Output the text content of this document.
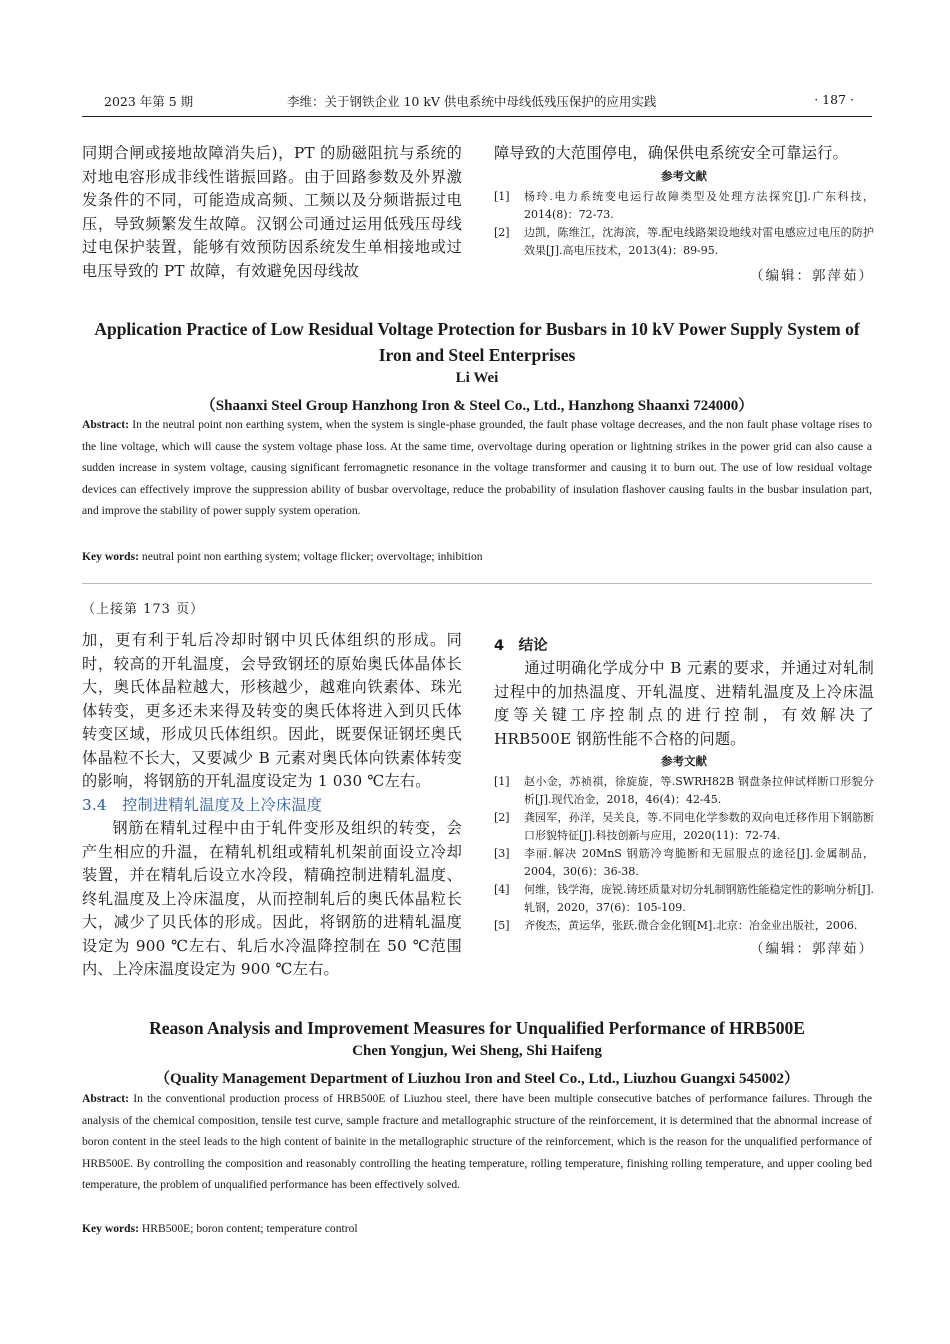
2023 年第 5 期	李维：关于钢铁企业 10 kV 供电系统中母线低残压保护的应用实践	· 187 ·

同期合闸或接地故障消失后)，PT 的励磁阻抗与系统的对地电容形成非线性谐振回路。由于回路参数及外界激发条件的不同，可能造成高频、工频以及分频谐振过电压，导致频繁发生故障。汉钢公司通过运用低残压母线过电保护装置，能够有效预防因系统发生单相接地或过电压导致的 PT 故障，有效避免因母线故

障导致的大范围停电，确保供电系统安全可靠运行。

参考文献
[1]	杨玲.电力系统变电运行故障类型及处理方法探究[J].广东科技，2014(8)：72-73.
[2]	边凯，陈维江，沈海滨，等.配电线路架设地线对雷电感应过电压的防护效果[J].高电压技术，2013(4)：89-95.
（编辑：郭萍茹）
Application Practice of Low Residual Voltage Protection for Busbars in 10 kV Power Supply System of Iron and Steel Enterprises
Li Wei
（Shaanxi Steel Group Hanzhong Iron & Steel Co., Ltd., Hanzhong Shaanxi 724000）
Abstract: In the neutral point non earthing system, when the system is single-phase grounded, the fault phase voltage decreases, and the non fault phase voltage rises to the line voltage, which will cause the system voltage phase loss. At the same time, overvoltage during operation or lightning strikes in the power grid can also cause a sudden increase in system voltage, causing significant ferromagnetic resonance in the voltage transformer and causing it to burn out. The use of low residual voltage devices can effectively improve the suppression ability of busbar overvoltage, reduce the probability of insulation flashover causing faults in the busbar insulation part, and improve the stability of power supply system operation.
Key words: neutral point non earthing system; voltage flicker; overvoltage; inhibition
（上接第 173 页）

加，更有利于轧后冷却时钢中贝氏体组织的形成。同时，较高的开轧温度，会导致钢坯的原始奥氏体晶体长大，奥氏体晶粒越大，形核越少，越难向铁素体、珠光体转变，更多还未来得及转变的奥氏体将进入到贝氏体转变区域，形成贝氏体组织。因此，既要保证钢坯奥氏体晶粒不长大，又要减少 B 元素对奥氏体向铁素体转变的影响，将钢筋的开轧温度设定为 1 030 ℃左右。

3.4　控制进精轧温度及上冷床温度

钢筋在精轧过程中由于轧件变形及组织的转变，会产生相应的升温，在精轧机组或精轧机架前面设立冷却装置，并在精轧后设立水冷段，精确控制进精轧温度、终轧温度及上冷床温度，从而控制轧后的奥氏体晶粒长大，减少了贝氏体的形成。因此，将钢筋的进精轧温度设定为 900 ℃左右、轧后水冷温降控制在 50 ℃范围内、上冷床温度设定为 900 ℃左右。

4　结论

通过明确化学成分中 B 元素的要求，并通过对轧制过程中的加热温度、开轧温度、进精轧温度及上冷床温度等关键工序控制点的进行控制，有效解决了 HRB500E 钢筋性能不合格的问题。

参考文献
[1]	赵小金，苏祯祺，徐旋旋，等.SWRH82B 钢盘条拉伸试样断口形貌分析[J].现代冶金，2018，46(4)：42-45.
[2]	龚园军，孙洋，吴关良，等.不同电化学参数的双向电迁移作用下钢筋断口形貌特征[J].科技创新与应用，2020(11)：72-74.
[3]	李丽.解决 20MnS 钢筋冷弯脆断和无屈服点的途径[J].金属制品，2004，30(6)：36-38.
[4]	何维，钱学海，庞锐.铸坯质量对切分轧制钢筋性能稳定性的影响分析[J].轧钢，2020，37(6)：105-109.
[5]	齐俊杰，黄运华，张跃.微合金化钢[M].北京：冶金业出版社，2006.
（编辑：郭萍茹）
Reason Analysis and Improvement Measures for Unqualified Performance of HRB500E
Chen Yongjun, Wei Sheng, Shi Haifeng
（Quality Management Department of Liuzhou Iron and Steel Co., Ltd., Liuzhou Guangxi 545002）
Abstract: In the conventional production process of HRB500E of Liuzhou steel, there have been multiple consecutive batches of performance failures. Through the analysis of the chemical composition, tensile test curve, sample fracture and metallographic structure of the reinforcement, it is determined that the abnormal increase of boron content in the steel leads to the high content of bainite in the metallographic structure of the reinforcement, which is the reason for the unqualified performance of HRB500E. By controlling the composition and reasonably controlling the heating temperature, rolling temperature, finishing rolling temperature, and upper cooling bed temperature, the problem of unqualified performance has been effectively solved.
Key words: HRB500E; boron content; temperature control
